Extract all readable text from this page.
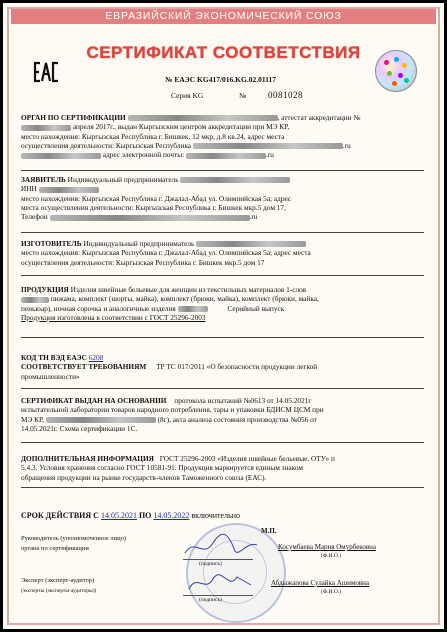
ЕВРАЗИЙСКИЙ ЭКОНОМИЧЕСКИЙ СОЮЗ
СЕРТИФИКАТ СООТВЕТСТВИЯ
№ ЕАЭС KG417/016.KG.02.01117
Серия KG	№ 0081028
ОРГАН ПО СЕРТИФИКАЦИИ	, аттестат аккредитации №
апреля 2017г., выдан Кыргызским центром аккредитации при МЭ КР,
место нахождения: Кыргызская Республика г. Бишкек, 12 мкр, д.8 кв.24, адрес места
осуществления деятельности: Кыргызская Республика	.ru
адрес электронной почты:	.ru
ЗАЯВИТЕЛЬ Индивидуальный предприниматель
ИНН
место нахождения: Кыргызская Республика г. Джалал-Абад ул. Олимпийская 5а; адрес
места осуществления деятельности: Кыргызская Республика г. Бишкек мкр.5 дом 17,
Телефон	.ru
ИЗГОТОВИТЕЛЬ Индивидуальный предприниматель
место нахождения: Кыргызская Республика г. Джалал-Абад ул. Олимпийская 5а; адрес места
осуществления деятельности: Кыргызская Республика г. Бишкек мкр.5 дом 17
ПРОДУКЦИЯ Изделия швейные бельевые для женщин из текстильных материалов 1-слоя
пижама, комплект (шорты, майка), комплект (брюки, майка), комплект (брюки, майка,
пеньюар), ночная сорочка и аналогичные изделия	Серийный выпуск
Продукция изготовлена в соответствии с ГОСТ 25296-2003
КОД ТН ВЭД ЕАЭС 6208
СООТВЕТСТВУЕТ ТРЕБОВАНИЯМ ТР ТС 017/2011 «О безопасности продукции легкой
промышленности»
СЕРТИФИКАТ ВЫДАН НА ОСНОВАНИИ протокола испытаний №0613 от 14.05.2021г
испытательной лаборатории товаров народного потребления, тары и упаковки БДИСМ ЦСМ при
МЭ КР,	(8г), акта анализа состояния производства №056 от
14.05.2021г. Схема сертификации 1С.
ДОПОЛНИТЕЛЬНАЯ ИНФОРМАЦИЯ ГОСТ 25296-2003 «Изделия швейные бельевые. ОТУ» п
5.4.3. Условия хранения согласно ГОСТ 10581-91. Продукция маркируется единым знаком
обращения продукции на рынке государств-членов Таможенного союза (ЕАС).
СРОК ДЕЙСТВИЯ С 14.05.2021 ПО 14.05.2022 включительно
М.П.
Руководитель (уполномоченное лицо)
органа по сертификации
(подпись)
Косумбаева Мария Омурбековна
(Ф.И.О.)
Эксперт (эксперт-аудитор)
(эксперты (эксперты-аудиторы))
(подпись)
Абдыжапова Сулайка Ашимовна
(Ф.И.О.)
